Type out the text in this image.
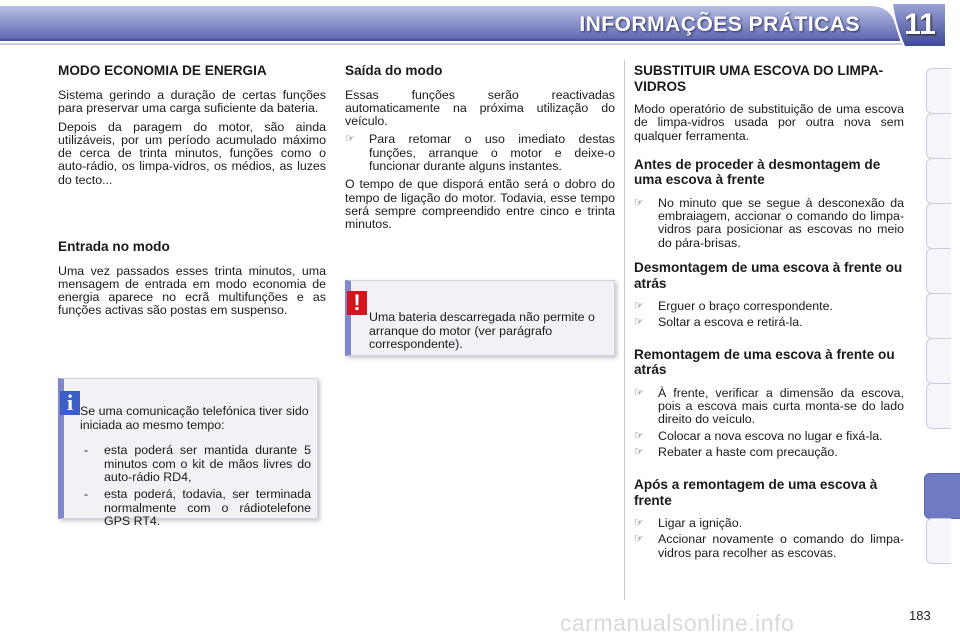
INFORMAÇÕES PRÁTICAS 11
MODO ECONOMIA DE ENERGIA

Sistema gerindo a duração de certas funções para preservar uma carga suficiente da bateria.

Depois da paragem do motor, são ainda utilizáveis, por um período acumulado máximo de cerca de trinta minutos, funções como o auto-rádio, os limpa-vidros, os médios, as luzes do tecto...

Entrada no modo

Uma vez passados esses trinta minutos, uma mensagem de entrada em modo economia de energia aparece no ecrã multifunções e as funções activas são postas em suspenso.

i Se uma comunicação telefónica tiver sido iniciada ao mesmo tempo:

- esta poderá ser mantida durante 5 minutos com o kit de mãos livres do auto-rádio RD4,
- esta poderá, todavia, ser terminada normalmente com o rádiotelefone GPS RT4.
Saída do modo

Essas funções serão reactivadas automaticamente na próxima utilização do veículo.

☞	Para retomar o uso imediato destas funções, arranque o motor e deixe-o funcionar durante alguns instantes.

O tempo de que disporá então será o dobro do tempo de ligação do motor. Todavia, esse tempo será sempre compreendido entre cinco e trinta minutos.

!

Uma bateria descarregada não permite o arranque do motor (ver parágrafo correspondente).

SUBSTITUIR UMA ESCOVA DO LIMPA-VIDROS

Modo operatório de substituição de uma escova de limpa-vidros usada por outra nova sem qualquer ferramenta.

Antes de proceder à desmontagem de uma escova à frente
☞	No minuto que se segue à desconexão da embraiagem, accionar o comando do limpa-vidros para posicionar as escovas no meio do pára-brisas.
Desmontagem de uma escova à frente ou atrás
☞	Erguer o braço correspondente.
☞	Soltar a escova e retirá-la.
Remontagem de uma escova à frente ou atrás
☞	À frente, verificar a dimensão da escova, pois a escova mais curta monta-se do lado direito do veículo.
☞	Colocar a nova escova no lugar e fixá-la.
☞	Rebater a haste com precaução.
Após a remontagem de uma escova à frente
☞	Ligar a ignição.
☞	Accionar novamente o comando do limpa-vidros para recolher as escovas.
183
carmanualsonline.info
